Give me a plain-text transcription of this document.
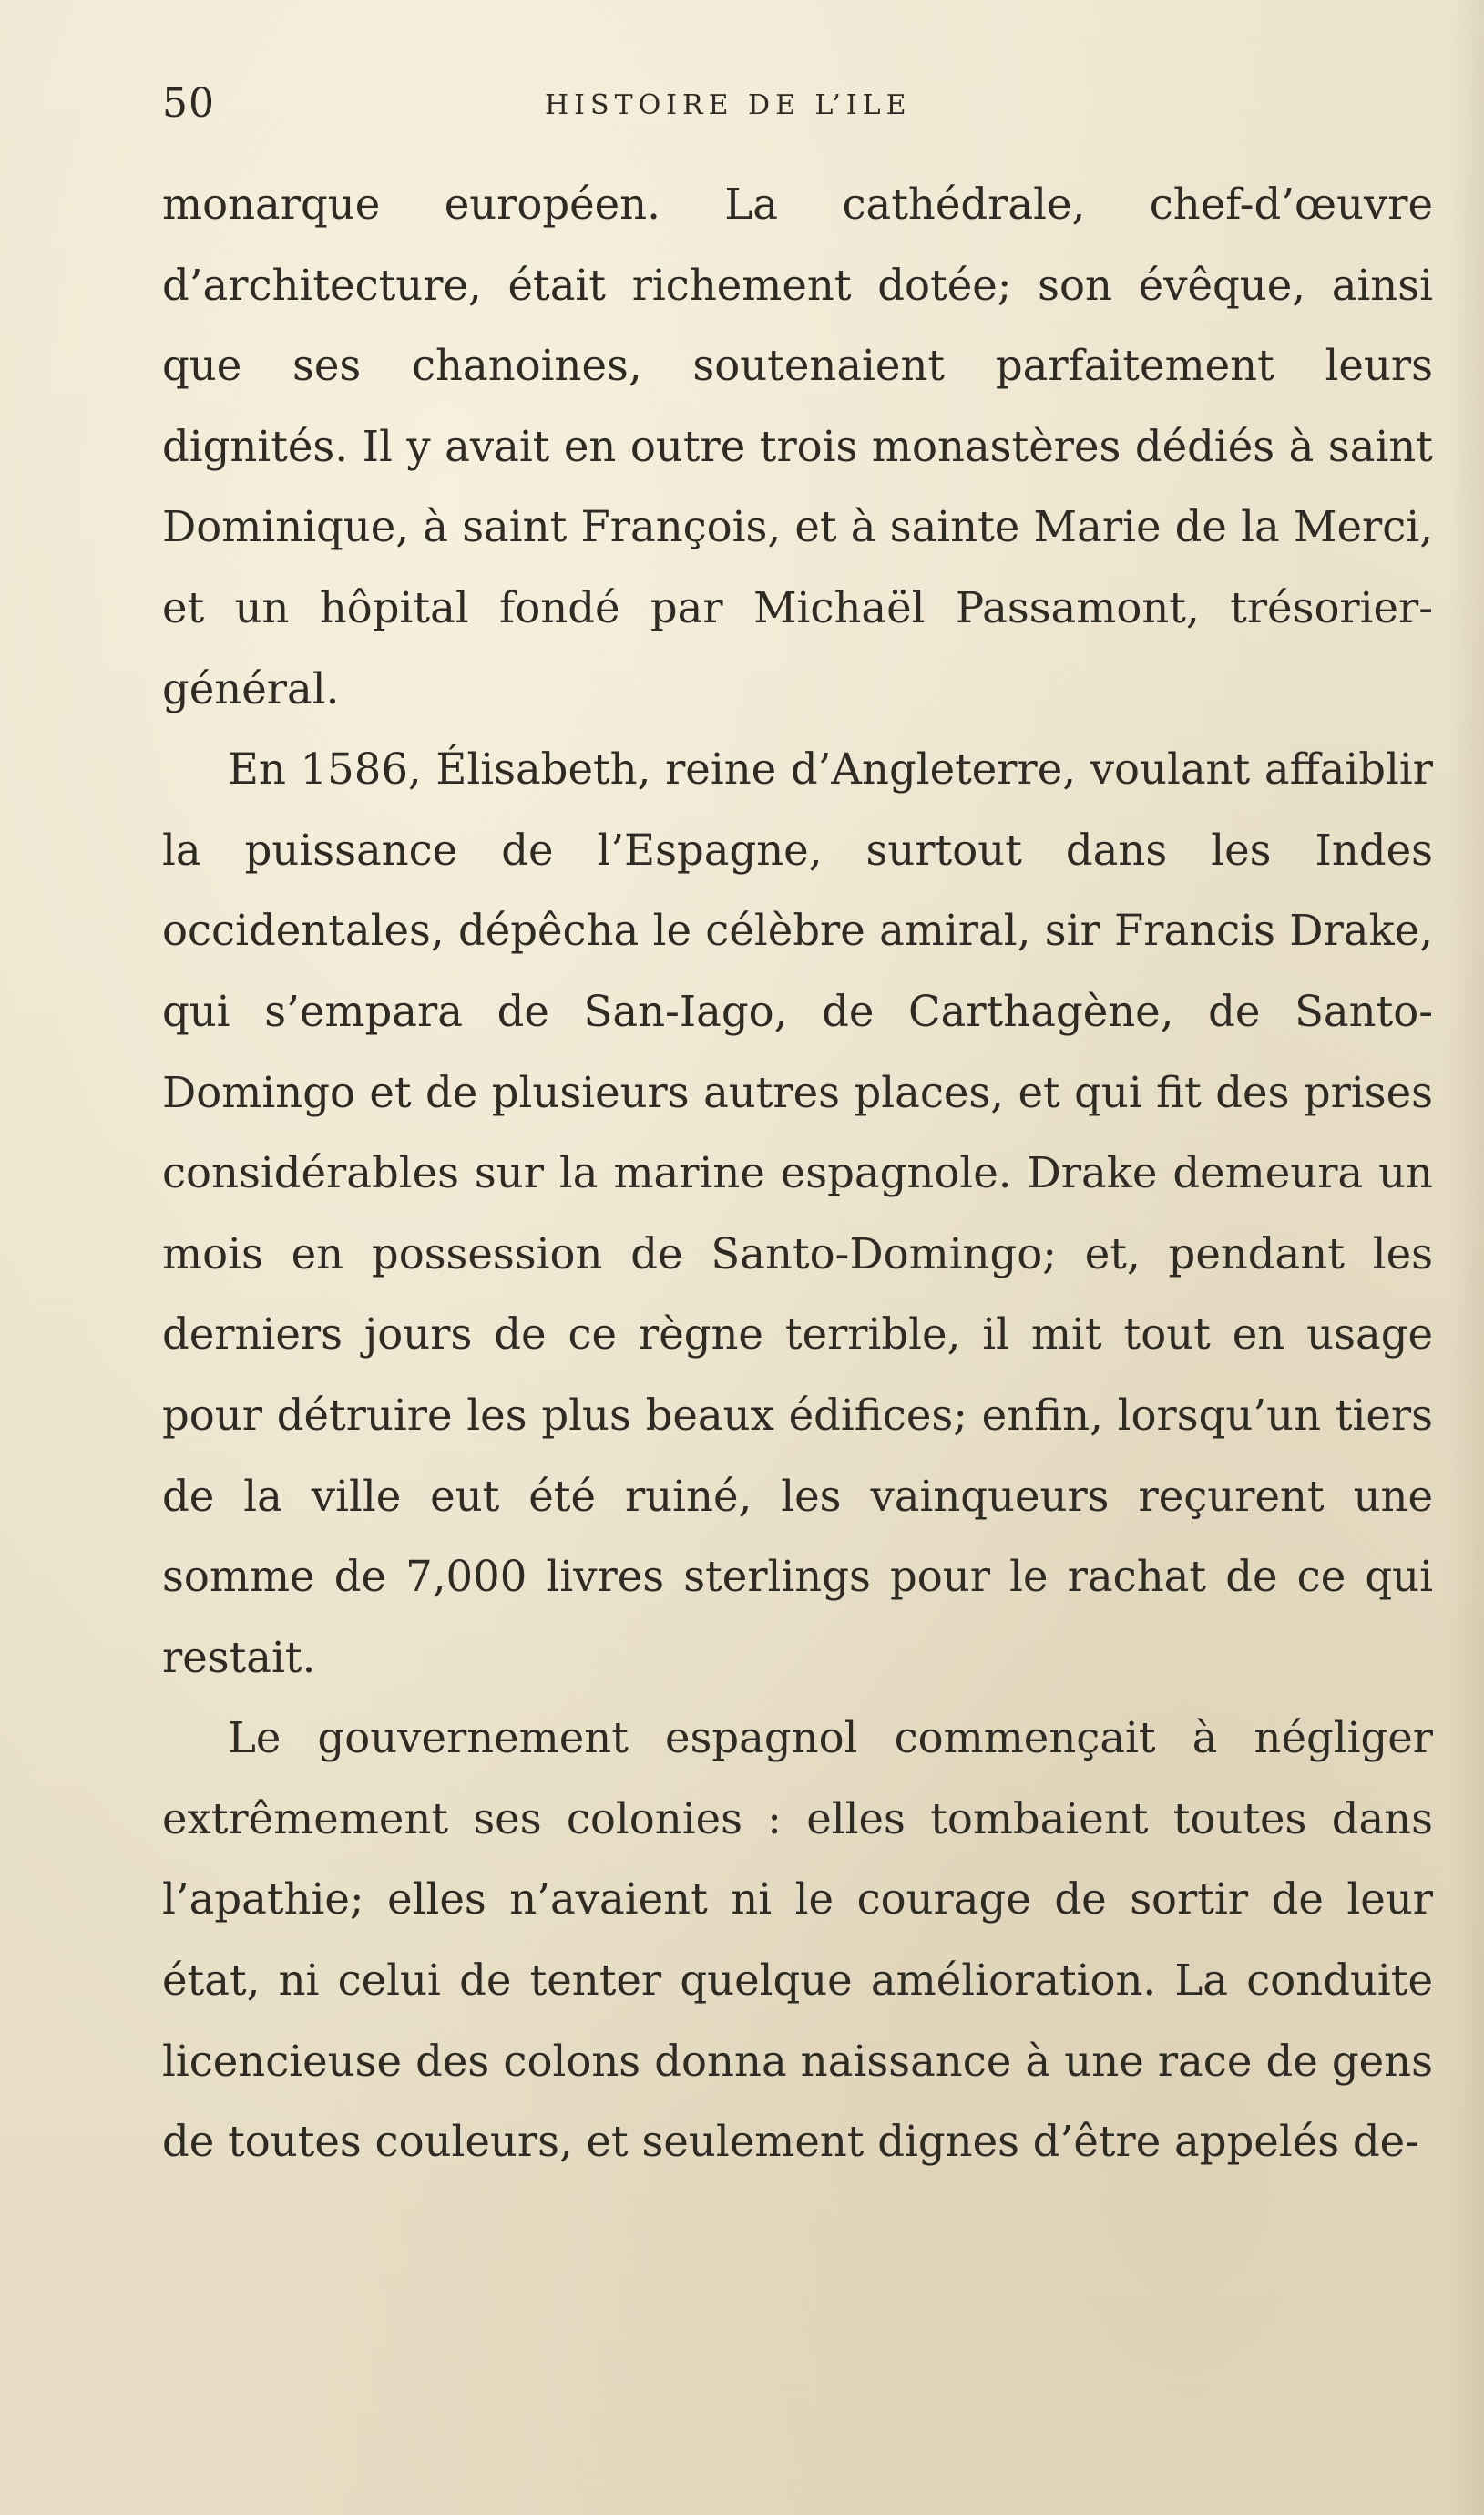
50	HISTOIRE DE L’ILE

monarque européen. La cathédrale, chef-d’œuvre d’architecture, était richement dotée; son évêque, ainsi que ses chanoines, soutenaient parfaitement leurs dignités. Il y avait en outre trois monastères dédiés à saint Dominique, à saint François, et à sainte Marie de la Merci, et un hôpital fondé par Michaël Passamont, trésorier-général.

En 1586, Élisabeth, reine d’Angleterre, voulant affaiblir la puissance de l’Espagne, surtout dans les Indes occidentales, dépêcha le célèbre amiral, sir Francis Drake, qui s’empara de San-Iago, de Carthagène, de Santo-Domingo et de plusieurs autres places, et qui fit des prises considérables sur la marine espagnole. Drake demeura un mois en possession de Santo-Domingo; et, pendant les derniers jours de ce règne terrible, il mit tout en usage pour détruire les plus beaux édifices; enfin, lorsqu’un tiers de la ville eut été ruiné, les vainqueurs reçurent une somme de 7,000 livres sterlings pour le rachat de ce qui restait.

Le gouvernement espagnol commençait à négliger extrêmement ses colonies : elles tombaient toutes dans l’apathie; elles n’avaient ni le courage de sortir de leur état, ni celui de tenter quelque amélioration. La conduite licencieuse des colons donna naissance à une race de gens de toutes couleurs, et seulement dignes d’être appelés de-
